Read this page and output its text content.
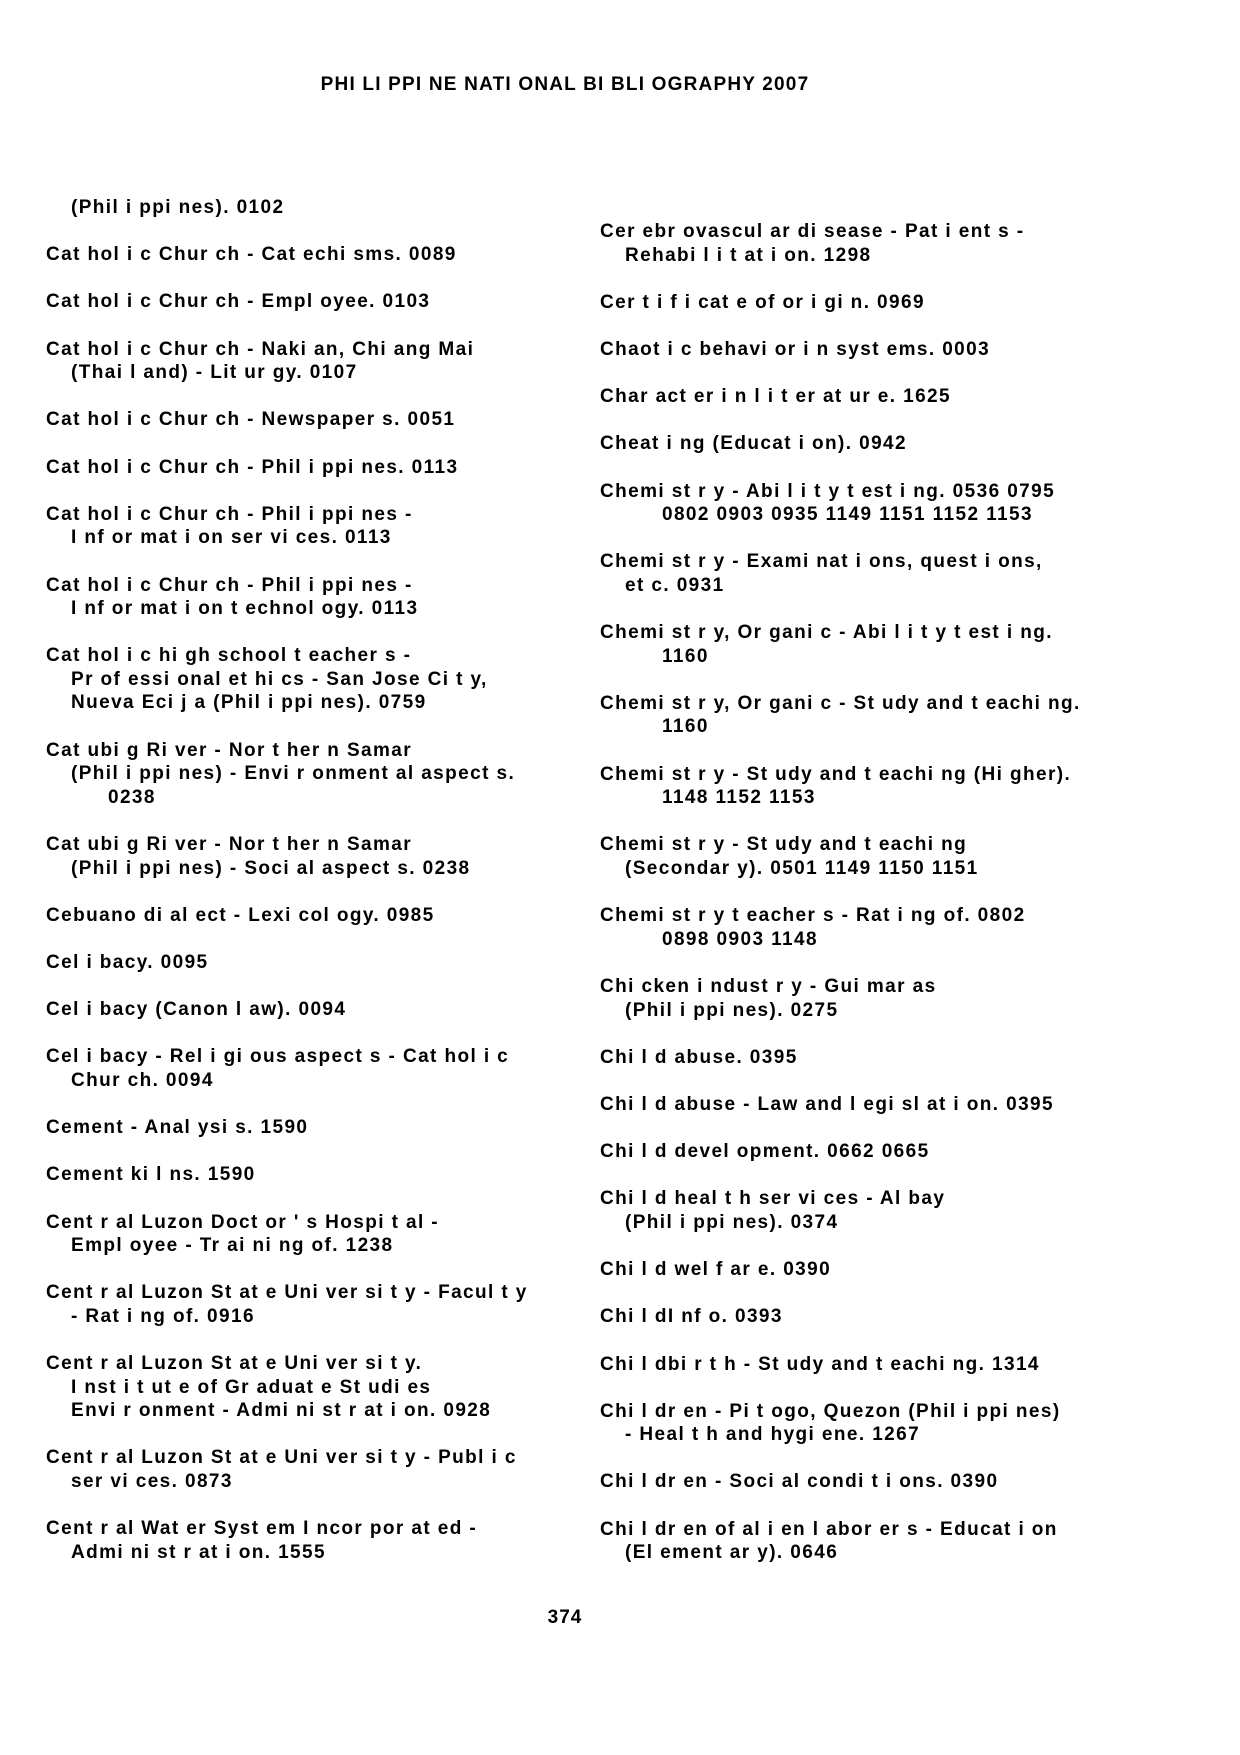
PHI LI PPI NE NATI ONAL BI BLI OGRAPHY 2007
(Phil i ppi nes). 0102
Cat hol i c Chur ch - Cat echi sms. 0089
Cat hol i c Chur ch - Empl oyee. 0103
Cat hol i c Chur ch - Naki an, Chi ang Mai
(Thai l and) - Lit ur gy. 0107
Cat hol i c Chur ch - Newspaper s. 0051
Cat hol i c Chur ch - Phil i ppi nes. 0113
Cat hol i c Chur ch - Phil i ppi nes -
I nf or mat i on ser vi ces. 0113
Cat hol i c Chur ch - Phil i ppi nes -
I nf or mat i on t echnol ogy. 0113
Cat hol i c hi gh school t eacher s -
Pr of essi onal et hi cs - San Jose Ci t y,
Nueva Eci j a (Phil i ppi nes). 0759
Cat ubi g Ri ver - Nor t her n Samar
(Phil i ppi nes) - Envi r onment al aspect s.
0238
Cat ubi g Ri ver - Nor t her n Samar
(Phil i ppi nes) - Soci al aspect s. 0238
Cebuano di al ect - Lexi col ogy. 0985
Cel i bacy. 0095
Cel i bacy (Canon l aw). 0094
Cel i bacy - Rel i gi ous aspect s - Cat hol i c
Chur ch. 0094
Cement - Anal ysi s. 1590
Cement ki l ns. 1590
Cent r al Luzon Doct or ' s Hospi t al -
Empl oyee - Tr ai ni ng of. 1238
Cent r al Luzon St at e Uni ver si t y - Facul t y
- Rat i ng of. 0916
Cent r al Luzon St at e Uni ver si t y.
I nst i t ut e of Gr aduat e St udi es
Envi r onment - Admi ni st r at i on. 0928
Cent r al Luzon St at e Uni ver si t y - Publ i c
ser vi ces. 0873
Cent r al Wat er Syst em I ncor por at ed -
Admi ni st r at i on. 1555
Cer ebr ovascul ar di sease - Pat i ent s -
Rehabi l i t at i on. 1298
Cer t i f i cat e of or i gi n. 0969
Chaot i c behavi or i n syst ems. 0003
Char act er i n l i t er at ur e. 1625
Cheat i ng (Educat i on). 0942
Chemi st r y - Abi l i t y t est i ng. 0536 0795
0802 0903 0935 1149 1151 1152 1153
Chemi st r y - Exami nat i ons, quest i ons,
et c. 0931
Chemi st r y, Or gani c - Abi l i t y t est i ng.
1160
Chemi st r y, Or gani c - St udy and t eachi ng.
1160
Chemi st r y - St udy and t eachi ng (Hi gher).
1148 1152 1153
Chemi st r y - St udy and t eachi ng
(Secondar y). 0501 1149 1150 1151
Chemi st r y t eacher s - Rat i ng of. 0802
0898 0903 1148
Chi cken i ndust r y - Gui mar as
(Phil i ppi nes). 0275
Chi l d abuse. 0395
Chi l d abuse - Law and l egi sl at i on. 0395
Chi l d devel opment. 0662 0665
Chi l d heal t h ser vi ces - Al bay
(Phil i ppi nes). 0374
Chi l d wel f ar e. 0390
Chi l dI nf o. 0393
Chi l dbi r t h - St udy and t eachi ng. 1314
Chi l dr en - Pi t ogo, Quezon (Phil i ppi nes)
- Heal t h and hygi ene. 1267
Chi l dr en - Soci al condi t i ons. 0390
Chi l dr en of al i en l abor er s - Educat i on
(El ement ar y). 0646
374
